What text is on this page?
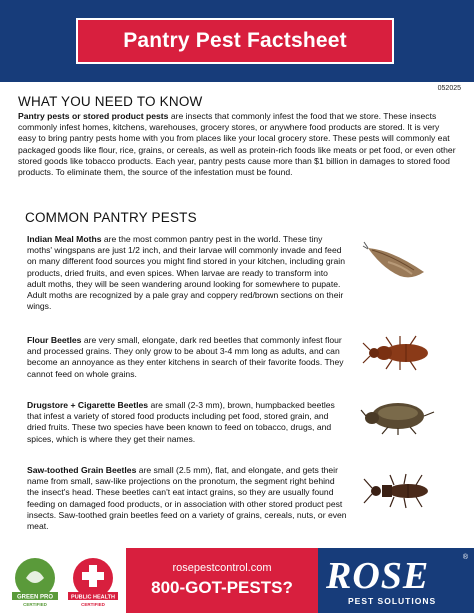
Pantry Pest Factsheet
052025
WHAT YOU NEED TO KNOW

Pantry pests or stored product pests are insects that commonly infest the food that we store. These insects commonly infest homes, kitchens, warehouses, grocery stores, or anywhere food products are stored. It is very easy to bring pantry pests home with you from places like your local grocery store. These pests will commonly eat packaged goods like flour, rice, grains, or cereals, as well as protein-rich foods like meats or pet food, or even other stored goods like tobacco products. Each year, pantry pests cause more than $1 billion in damages to stored food products. To eliminate them, the source of the infestation must be found.

COMMON PANTRY PESTS

Indian Meal Moths are the most common pantry pest in the world. These tiny moths' wingspans are just 1/2 inch, and their larvae will commonly invade and feed on many different food sources you might find stored in your kitchen, including grain products, dried fruits, and even spices. When larvae are ready to transform into adult moths, they will be seen wandering around looking for somewhere to pupate. Adult moths are recognized by a pale gray and coppery red/brown sections on their wings.

Flour Beetles are very small, elongate, dark red beetles that commonly infest flour and processed grains. They only grow to be about 3-4 mm long as adults, and can become an annoyance as they enter kitchens in search of their favorite foods. They cannot feed on whole grains.

Drugstore + Cigarette Beetles are small (2-3 mm), brown, humpbacked beetles that infest a variety of stored food products including pet food, stored grain, and dried fruits. These two species have been known to feed on tobacco, drugs, and spices, which is where they get their names.

Saw-toothed Grain Beetles are small (2.5 mm), flat, and elongate, and gets their name from small, saw-like projections on the pronotum, the segment right behind the insect's head. These beetles can't eat intact grains, so they are usually found feeding on damaged food products, or in association with other stored product pest insects. Saw-toothed grain beetles feed on a variety of grains, cereals, nuts, or even meat.

GREEN PRO
CERTIFIED
PUBLIC HEALTH
CERTIFIED
rosepestcontrol.com
800-GOT-PESTS? ROSE
PEST SOLUTIONS
®
